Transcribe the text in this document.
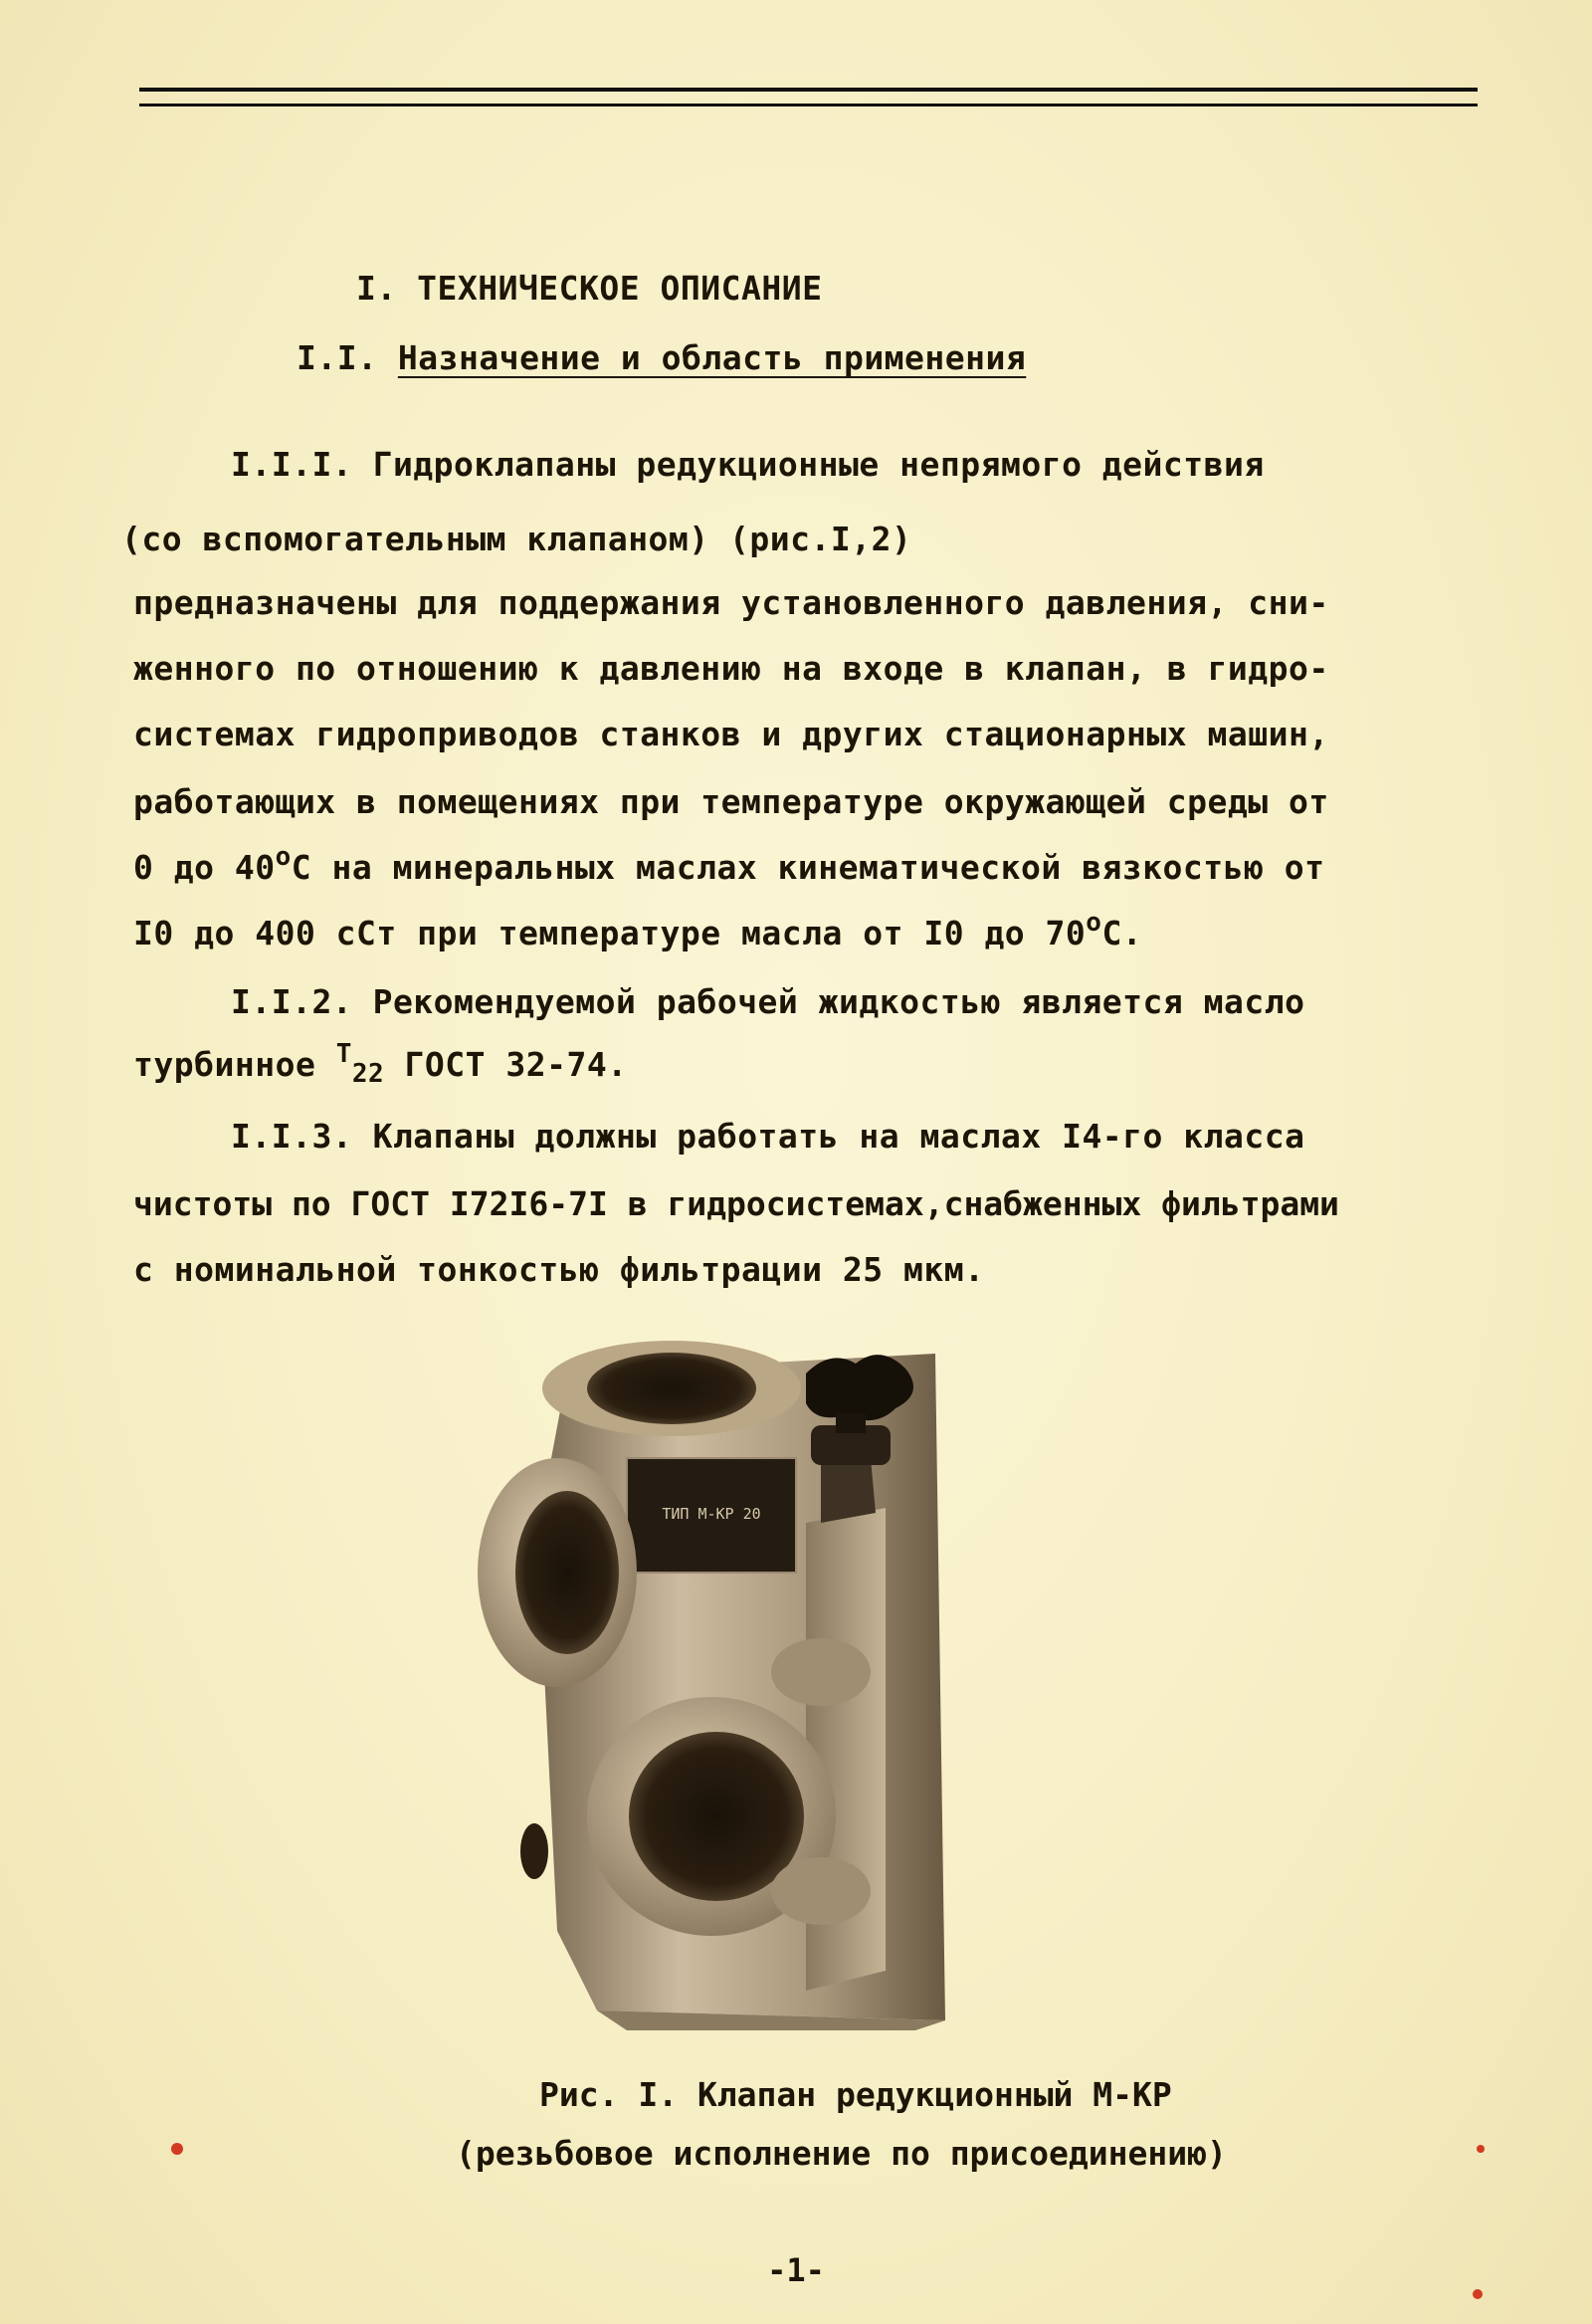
I. ТЕХНИЧЕСКОЕ ОПИСАНИЕ
I.I. Назначение и область применения
I.I.I. Гидроклапаны редукционные непрямого действия
(со вспомогательным клапаном) (рис.I,2)
предназначены для поддержания установленного давления, сни-
женного по отношению к давлению на входе в клапан, в гидро-
системах гидроприводов станков и других стационарных машин,
работающих в помещениях при температуре окружающей среды от
0 до $40^оС$ на минеральных маслах кинематической вязкостью от
I0 до 400 сСт при температуре масла от I0 до $70^оС$.
I.I.2. Рекомендуемой рабочей жидкостью является масло
турбинное $^Т_{22}$ ГОСТ 32-74.
I.I.3. Клапаны должны работать на маслах I4-го класса
чистоты по ГОСТ I72I6-7I в гидросистемах,снабженных фильтрами
с номинальной тонкостью фильтрации 25 мкм.
ТИП М-КР 20
Рис. I. Клапан редукционный М-КР
(резьбовое исполнение по присоединению)
-1-
